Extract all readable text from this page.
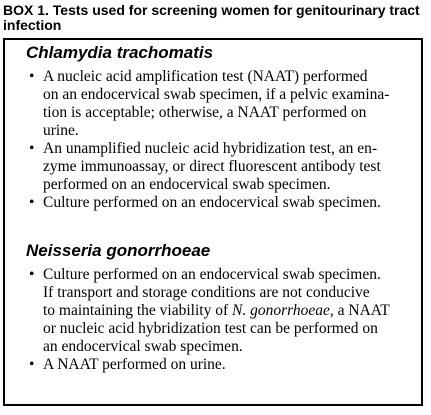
BOX 1. Tests used for screening women for genitourinary tract
infection
Chlamydia trachomatis
• A nucleic acid amplification test (NAAT) performed
on an endocervical swab specimen, if a pelvic examina-
tion is acceptable; otherwise, a NAAT performed on
urine.
• An unamplified nucleic acid hybridization test, an en-
zyme immunoassay, or direct fluorescent antibody test
performed on an endocervical swab specimen.
• Culture performed on an endocervical swab specimen.
Neisseria gonorrhoeae
• Culture performed on an endocervical swab specimen.
If transport and storage conditions are not conducive
to maintaining the viability of N. gonorrhoeae, a NAAT
or nucleic acid hybridization test can be performed on
an endocervical swab specimen.
• A NAAT performed on urine.
